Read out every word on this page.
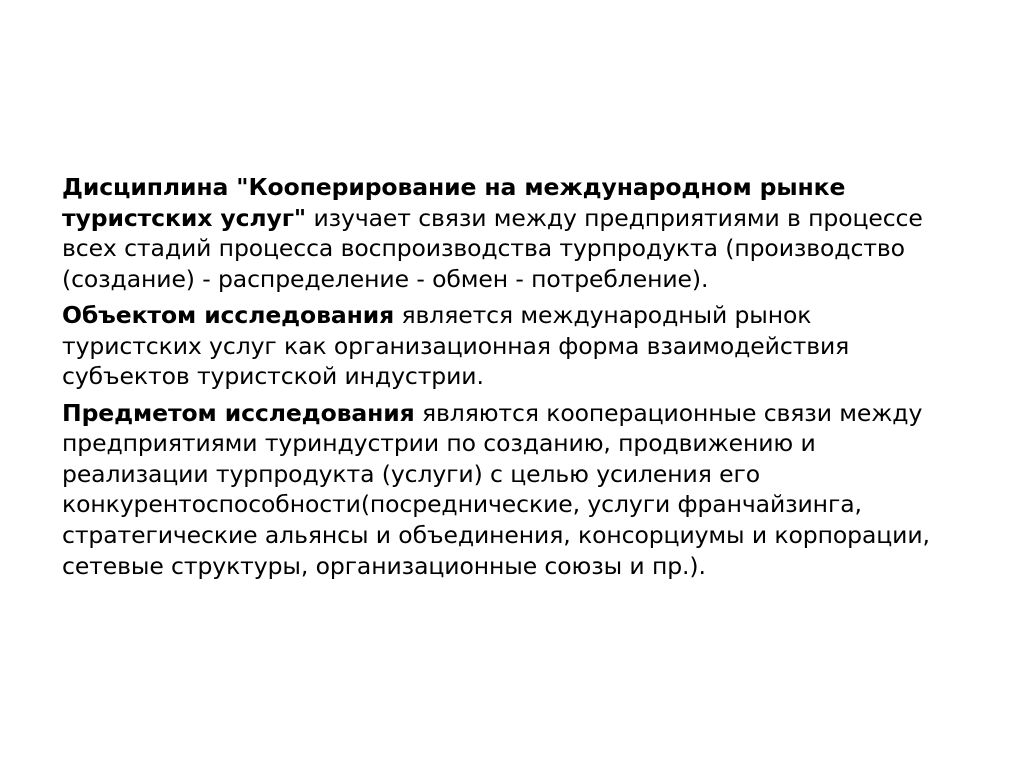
Дисциплина "Кооперирование на международном рынке туристских услуг" изучает связи между предприятиями в процессе всех стадий процесса воспроизводства турпродукта (производство (создание) - распределение - обмен - потребление).

Объектом исследования является международный рынок туристских услуг как организационная форма взаимодействия субъектов туристской индустрии.

Предметом исследования являются кооперационные связи между предприятиями туриндустрии по созданию, продвижению и реализации турпродукта (услуги) с целью усиления его конкурентоспособности(посреднические, услуги франчайзинга, стратегические альянсы и объединения, консорциумы и корпорации, сетевые структуры, организационные союзы и пр.).
